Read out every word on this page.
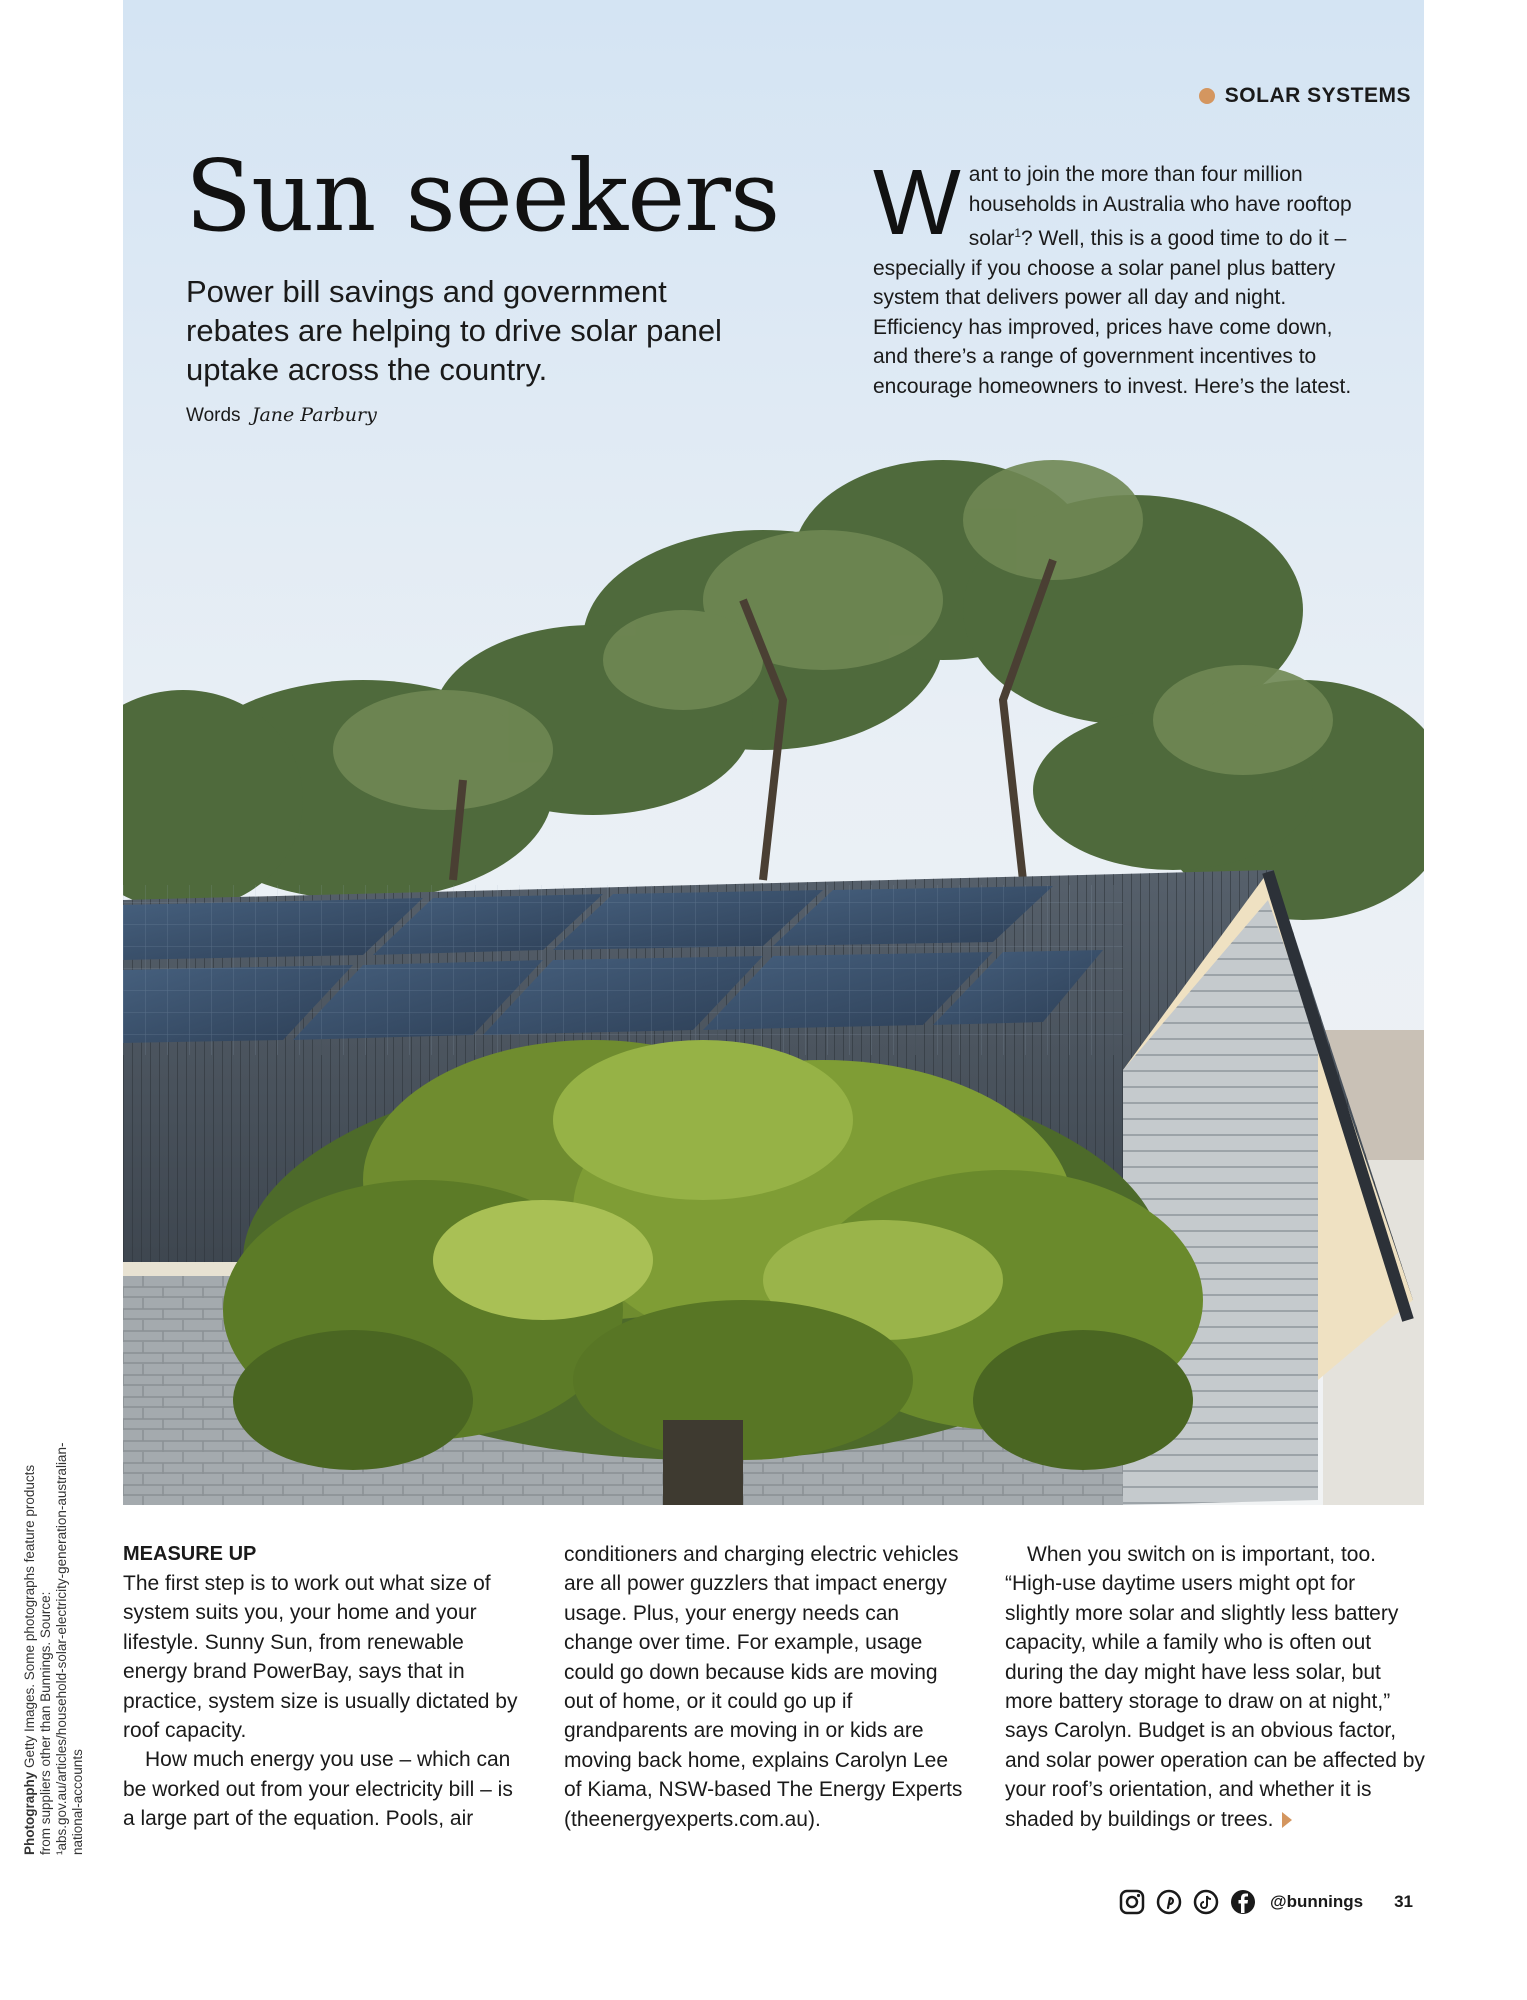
SOLAR SYSTEMS
Sun seekers

Power bill savings and government rebates are helping to drive solar panel uptake across the country.

Words Jane Parbury

Want to join the more than four million households in Australia who have rooftop solar$^1$? Well, this is a good time to do it – especially if you choose a solar panel plus battery system that delivers power all day and night. Efficiency has improved, prices have come down, and there’s a range of government incentives to encourage homeowners to invest. Here’s the latest.

MEASURE UP

The first step is to work out what size of system suits you, your home and your lifestyle. Sunny Sun, from renewable energy brand PowerBay, says that in practice, system size is usually dictated by roof capacity.

How much energy you use – which can be worked out from your electricity bill – is a large part of the equation. Pools, air

conditioners and charging electric vehicles are all power guzzlers that impact energy usage. Plus, your energy needs can change over time. For example, usage could go down because kids are moving out of home, or it could go up if grandparents are moving in or kids are moving back home, explains Carolyn Lee of Kiama, NSW-based The Energy Experts (theenergyexperts.com.au).

When you switch on is important, too. “High-use daytime users might opt for slightly more solar and slightly less battery capacity, while a family who is often out during the day might have less solar, but more battery storage to draw on at night,” says Carolyn. Budget is an obvious factor, and solar power operation can be affected by your roof’s orientation, and whether it is shaded by buildings or trees.

Photography Getty Images. Some photographs feature products from suppliers other than Bunnings. Source: ¹abs.gov.au/articles/household-solar-electricity-generation-australian-national-accounts
@bunnings 31
